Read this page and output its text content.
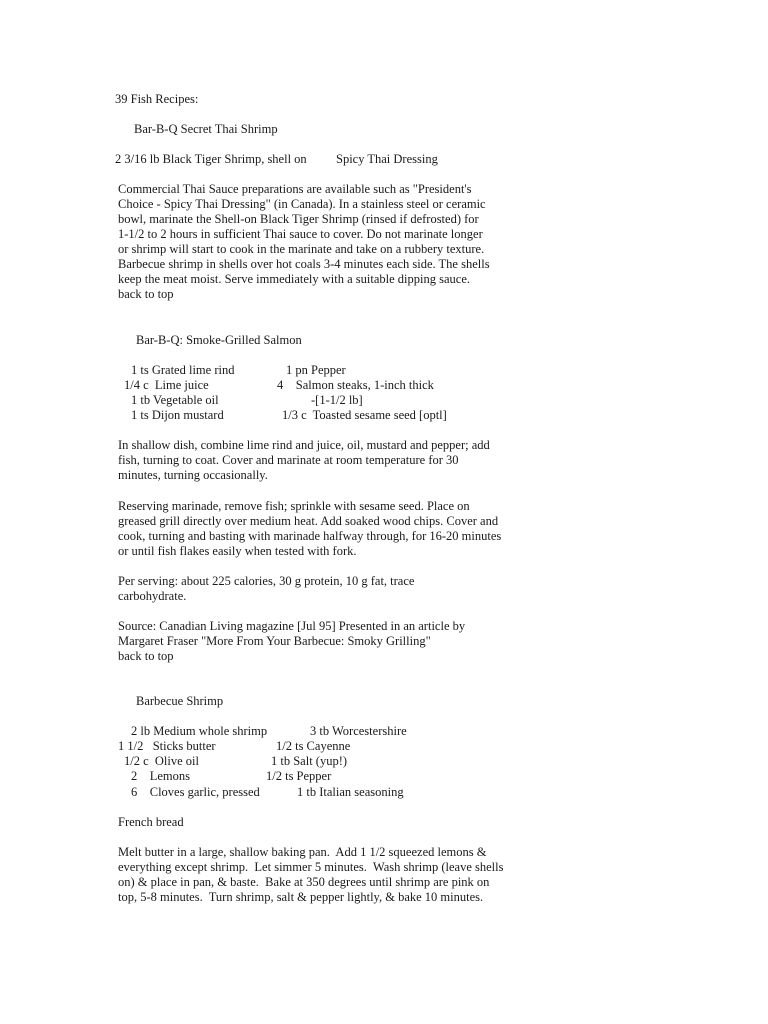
39 Fish Recipes:
Bar-B-Q Secret Thai Shrimp
2 3/16 lb Black Tiger Shrimp, shell on Spicy Thai Dressing
Commercial Thai Sauce preparations are available such as "President's
Choice - Spicy Thai Dressing" (in Canada). In a stainless steel or ceramic
bowl, marinate the Shell-on Black Tiger Shrimp (rinsed if defrosted) for
1-1/2 to 2 hours in sufficient Thai sauce to cover. Do not marinate longer
or shrimp will start to cook in the marinate and take on a rubbery texture.
Barbecue shrimp in shells over hot coals 3-4 minutes each side. The shells
keep the meat moist. Serve immediately with a suitable dipping sauce.
back to top
Bar-B-Q: Smoke-Grilled Salmon
1 ts Grated lime rind
1/4 c  Lime juice
1 tb Vegetable oil
1 ts Dijon mustard
1 pn Pepper
4    Salmon steaks, 1-inch thick
-[1-1/2 lb]
1/3 c  Toasted sesame seed [optl]
In shallow dish, combine lime rind and juice, oil, mustard and pepper; add
fish, turning to coat. Cover and marinate at room temperature for 30
minutes, turning occasionally.
Reserving marinade, remove fish; sprinkle with sesame seed. Place on
greased grill directly over medium heat. Add soaked wood chips. Cover and
cook, turning and basting with marinade halfway through, for 16-20 minutes
or until fish flakes easily when tested with fork.
Per serving: about 225 calories, 30 g protein, 10 g fat, trace
carbohydrate.
Source: Canadian Living magazine [Jul 95] Presented in an article by
Margaret Fraser "More From Your Barbecue: Smoky Grilling"
back to top
Barbecue Shrimp
2 lb Medium whole shrimp
1 1/2   Sticks butter
1/2 c  Olive oil
2    Lemons
6    Cloves garlic, pressed
3 tb Worcestershire
1/2 ts Cayenne
1 tb Salt (yup!)
1/2 ts Pepper
1 tb Italian seasoning
French bread
Melt butter in a large, shallow baking pan.  Add 1 1/2 squeezed lemons &
everything except shrimp.  Let simmer 5 minutes.  Wash shrimp (leave shells
on) & place in pan, & baste.  Bake at 350 degrees until shrimp are pink on
top, 5-8 minutes.  Turn shrimp, salt & pepper lightly, & bake 10 minutes.
